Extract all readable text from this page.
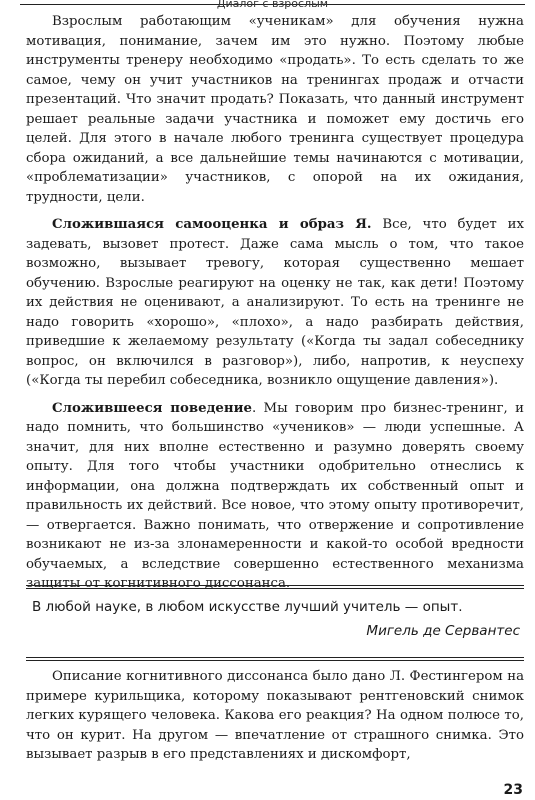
Диалог с взрослым

Взрослым работающим «ученикам» для обучения нужна мотивация, понимание, зачем им это нужно. Поэтому любые инструменты тренеру необходимо «продать». То есть сделать то же самое, чему он учит участников на тренингах продаж и отчасти презентаций. Что значит продать? Показать, что данный инструмент решает реальные задачи участника и поможет ему достичь его целей. Для этого в начале любого тренинга существует процедура сбора ожиданий, а все дальнейшие темы начинаются с мотивации, «проблематизации» участников, с опорой на их ожидания, трудности, цели.

Сложившаяся самооценка и образ Я. Все, что будет их задевать, вызовет протест. Даже сама мысль о том, что такое возможно, вызывает тревогу, которая существенно мешает обучению. Взрослые реагируют на оценку не так, как дети! Поэтому их действия не оценивают, а анализируют. То есть на тренинге не надо говорить «хорошо», «плохо», а надо разбирать действия, приведшие к желаемому результату («Когда ты задал собеседнику вопрос, он включился в разговор»), либо, напротив, к неуспеху («Когда ты перебил собеседника, возникло ощущение давления»).

Сложившееся поведение. Мы говорим про бизнес-тренинг, и надо помнить, что большинство «учеников» — люди успешные. А значит, для них вполне естественно и разумно доверять своему опыту. Для того чтобы участники одобрительно отнеслись к информации, она должна подтверждать их собственный опыт и правильность их действий. Все новое, что этому опыту противоречит, — отвергается. Важно понимать, что отвержение и сопротивление возникают не из-за злонамеренности и какой-то особой вредности обучаемых, а вследствие совершенно естественного механизма защиты от когнитивного диссонанса.

В любой науке, в любом искусстве лучший учитель — опыт.

Мигель де Сервантес

Описание когнитивного диссонанса было дано Л. Фестингером на примере курильщика, которому показывают рентгеновский снимок легких курящего человека. Какова его реакция? На одном полюсе то, что он курит. На другом — впечатление от страшного снимка. Это вызывает разрыв в его представлениях и дискомфорт,

23
